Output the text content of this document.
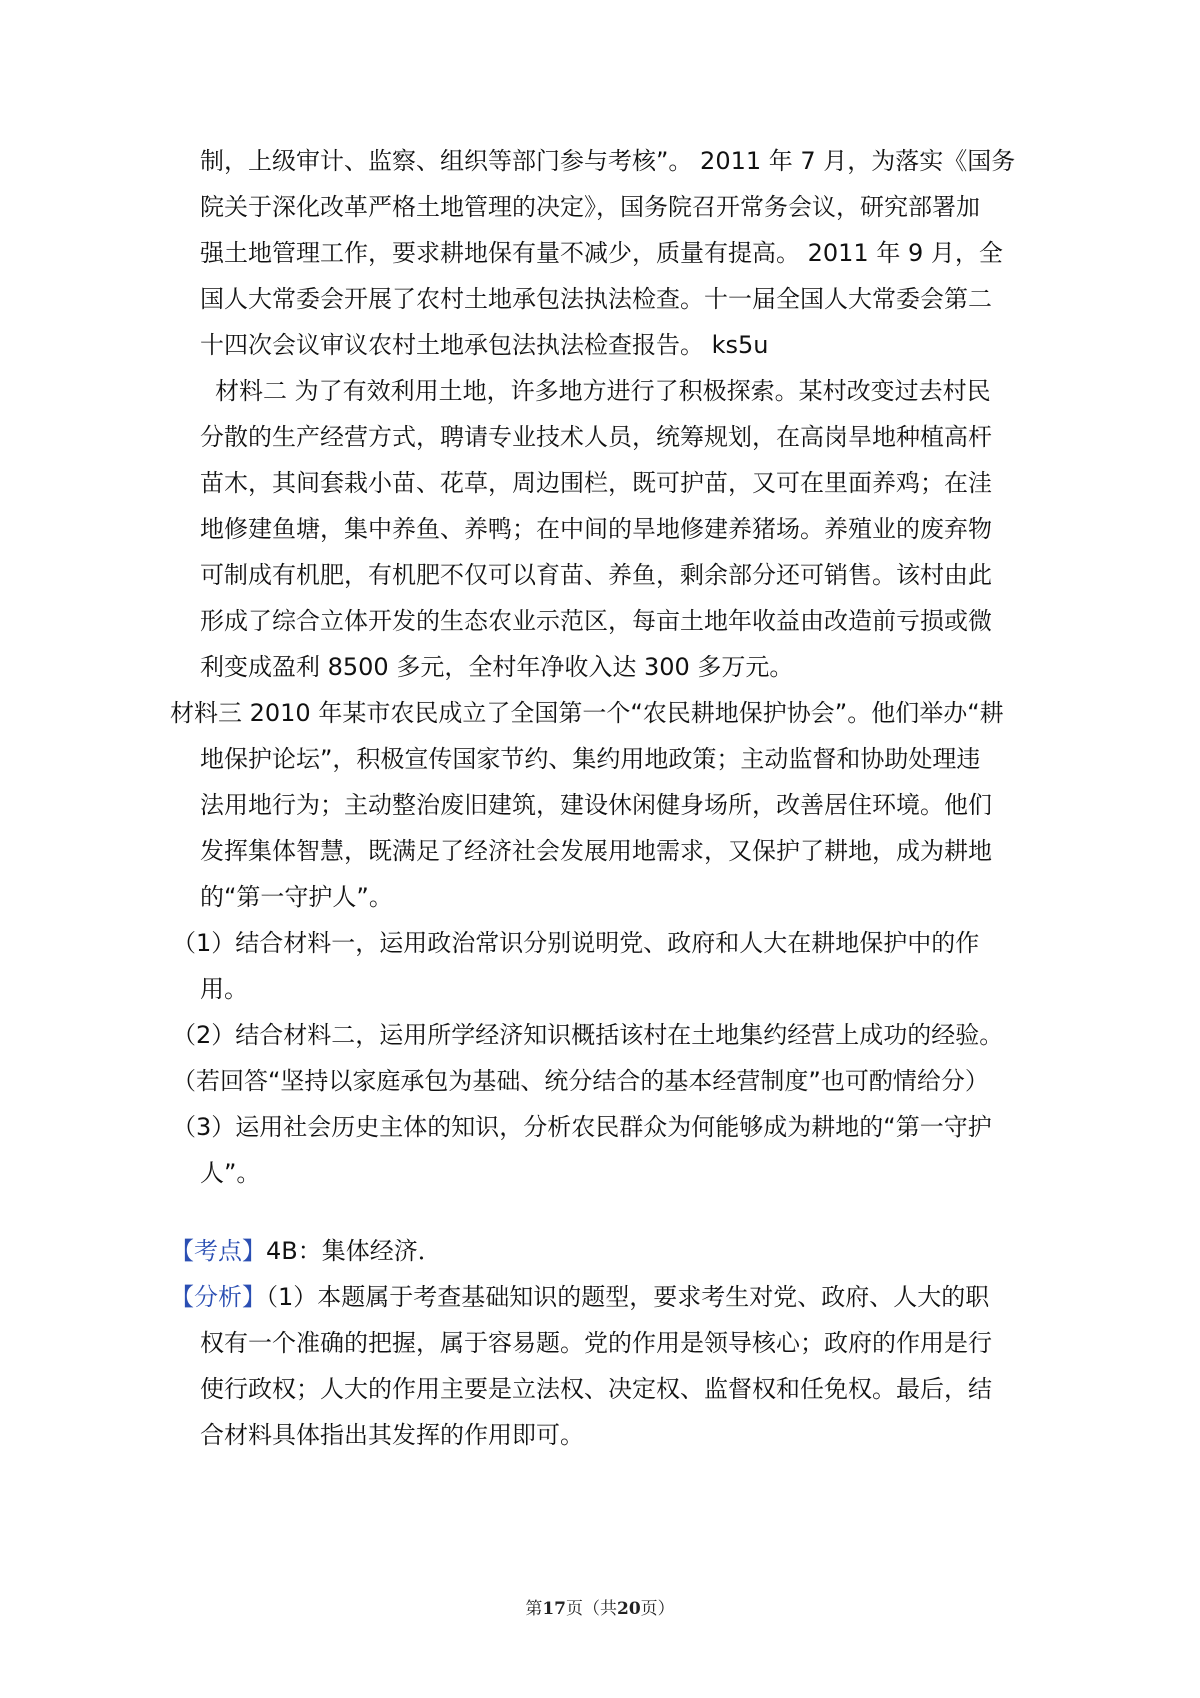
制，上级审计、监察、组织等部门参与考核”。 2011 年 7 月，为落实《国务
院关于深化改革严格土地管理的决定》，国务院召开常务会议，研究部署加
强土地管理工作，要求耕地保有量不减少，质量有提高。 2011 年 9 月，全
国人大常委会开展了农村土地承包法执法检查。十一届全国人大常委会第二
十四次会议审议农村土地承包法执法检查报告。 ks5u
材料二 为了有效利用土地，许多地方进行了积极探索。某村改变过去村民
分散的生产经营方式，聘请专业技术人员，统筹规划，在高岗旱地种植高杆
苗木，其间套栽小苗、花草，周边围栏，既可护苗，又可在里面养鸡；在洼
地修建鱼塘，集中养鱼、养鸭；在中间的旱地修建养猪场。养殖业的废弃物
可制成有机肥，有机肥不仅可以育苗、养鱼，剩余部分还可销售。该村由此
形成了综合立体开发的生态农业示范区，每亩土地年收益由改造前亏损或微
利变成盈利 8500 多元，全村年净收入达 300 多万元。
材料三 2010 年某市农民成立了全国第一个“农民耕地保护协会”。他们举办“耕
地保护论坛”，积极宣传国家节约、集约用地政策；主动监督和协助处理违
法用地行为；主动整治废旧建筑，建设休闲健身场所，改善居住环境。他们
发挥集体智慧，既满足了经济社会发展用地需求，又保护了耕地，成为耕地
的“第一守护人”。
（1）结合材料一，运用政治常识分别说明党、政府和人大在耕地保护中的作
用。
（2）结合材料二，运用所学经济知识概括该村在土地集约经营上成功的经验。
（若回答“坚持以家庭承包为基础、统分结合的基本经营制度”也可酌情给分）
（3）运用社会历史主体的知识，分析农民群众为何能够成为耕地的“第一守护
人”。
【考点】4B：集体经济．
【分析】（1）本题属于考查基础知识的题型，要求考生对党、政府、人大的职
权有一个准确的把握，属于容易题。党的作用是领导核心；政府的作用是行
使行政权；人大的作用主要是立法权、决定权、监督权和任免权。最后，结
合材料具体指出其发挥的作用即可。
第17页（共20页）
